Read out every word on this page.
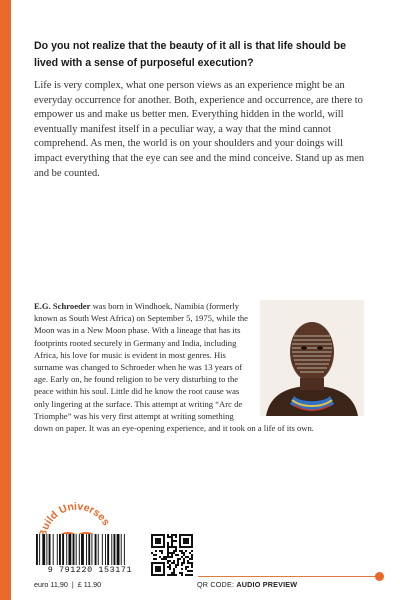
Do you not realize that the beauty of it all is that life should be lived with a sense of purposeful execution?
Life is very complex, what one person views as an experience might be an everyday occurrence for another. Both, experience and occurrence, are there to empower us and make us better men. Everything hidden in the world, will eventually manifest itself in a peculiar way, a way that the mind cannot comprehend. As men, the world is on your shoulders and your doings will impact everything that the eye can see and the mind conceive. Stand up as men and be counted.
E.G. Schroeder was born in Windhoek, Namibia (formerly known as South West Africa) on September 5, 1975, while the Moon was in a New Moon phase. With a lineage that has its footprints rooted securely in Germany and India, including Africa, his love for music is evident in most genres. His surname was changed to Schroeder when he was 13 years of age. Early on, he found religion to be very disturbing to the peace within his soul. Little did he know the root cause was only lingering at the surface. This attempt at writing “Arc de Triomphe” was his very first attempt at writing something down on paper. It was an eye-opening experience, and it took on a life of its own.
uild Universes
9 791220 153171
euro 11,90 | £ 11.90	QR CODE: AUDIO PREVIEW
